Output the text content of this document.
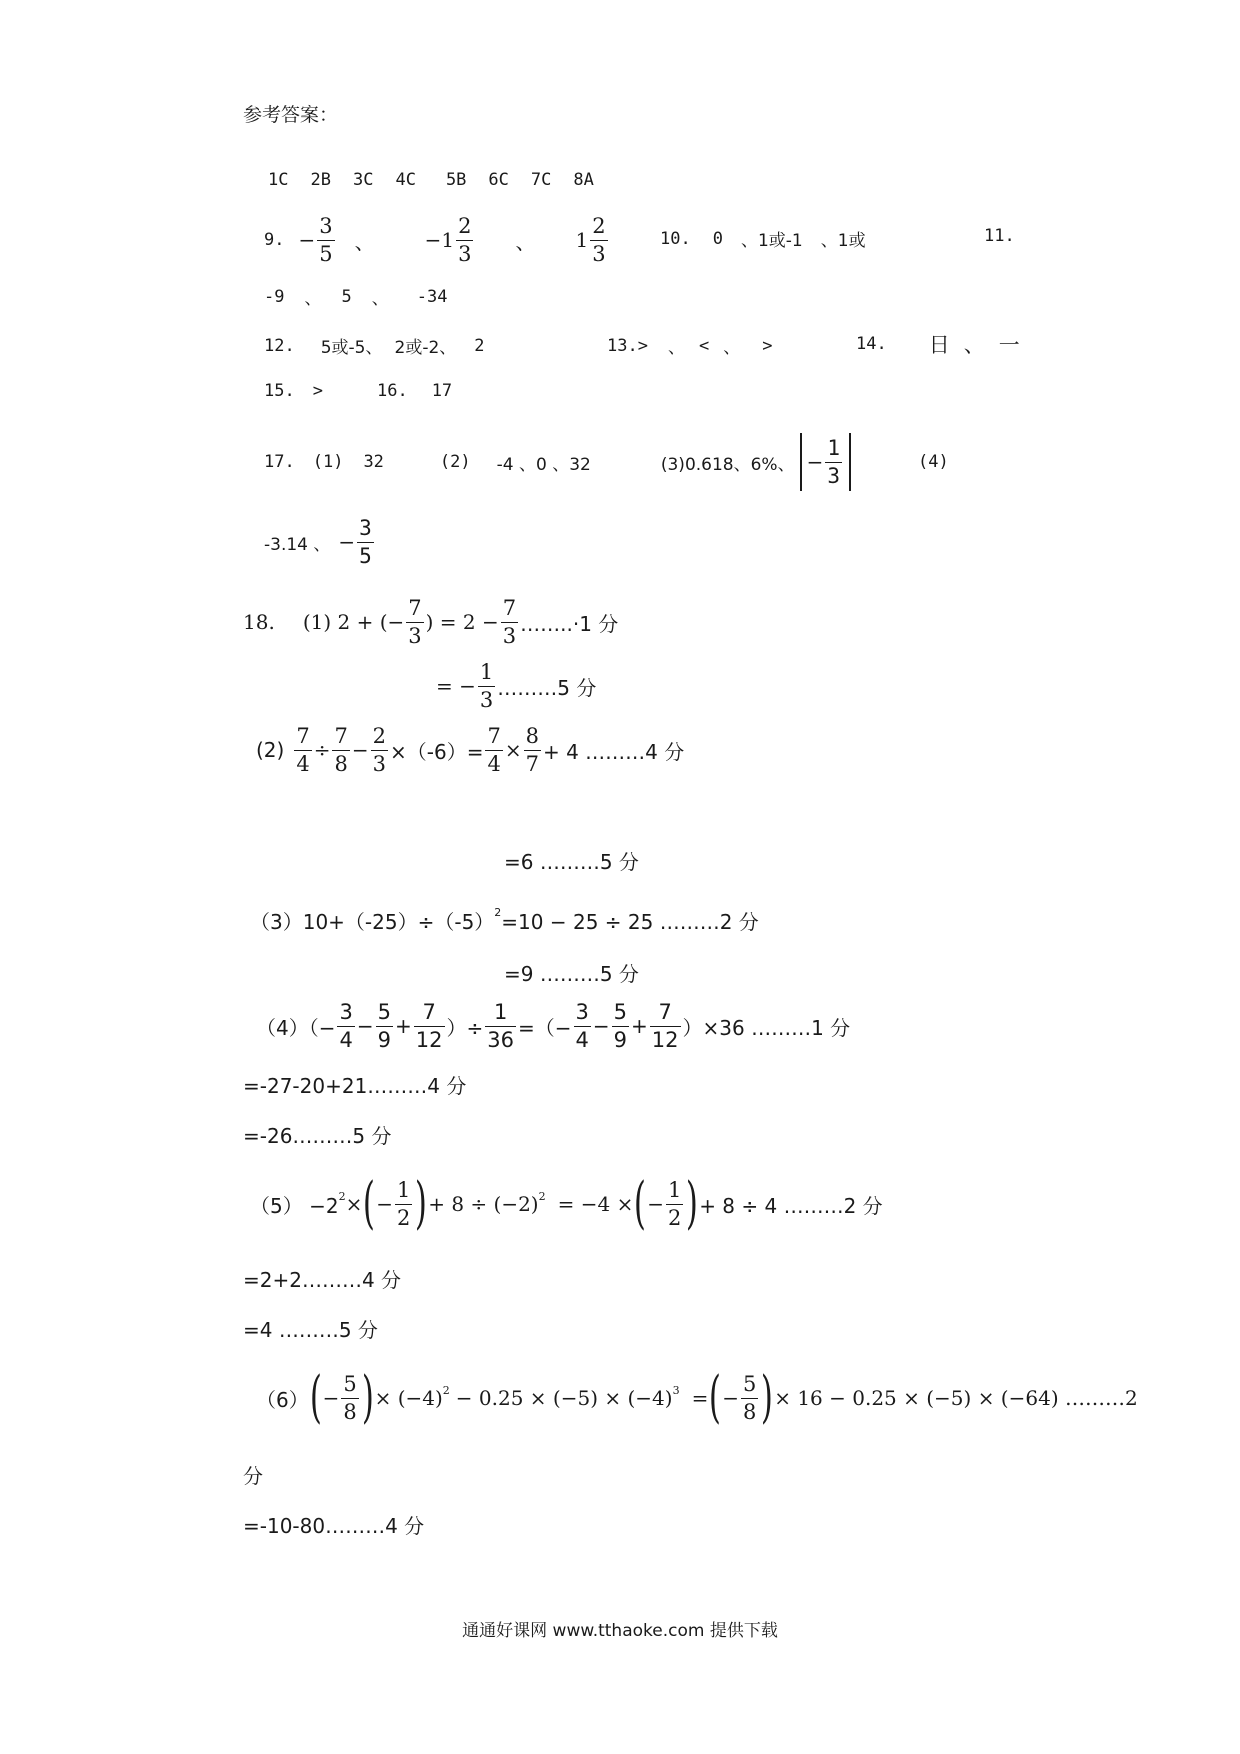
参考答案：
1C 2B 3C 4C 5B 6C 7C 8A
9. − $\frac{3}{5}$ 、	−1
2
3 、 1
2
3
10. 0 、1或-1 、1或	11.
-9 、 5 、 -34
12. 5或-5、 2或-2、 2	13. > 、 < 、 >	14. 日 、 一
15. >	16. 17
17. (1) 32	(2) -4 、0 、32	(3)0.618、6%、 − $\frac{1}{3}$	(4)
-3.14 、 − $\frac{3}{5}$
18. (1) 2 + (− $\frac{7}{3}$ ) = $2 - \frac{7}{3}$ ……..·1 分
= − $\frac{1}{3}$ ………5 分
$(2) \frac{7}{4} \div \frac{7}{8} - \frac{2}{3} \times(-6)= \frac{7}{4} \times \frac{8}{7} + 4$ ………4 分
=6 ………5 分
$(3)10+(-25)\div(-5)^2 =10 - 25 \div 25$ ………2 分
=9 ………5 分
$(4)(- \frac{3}{4} - \frac{5}{9} + \frac{7}{12}$ ）÷ $\frac{1}{36}$ =（− $\frac{3}{4} - \frac{5}{9} + \frac{7}{12} )\times 36$ ………1 分
=-27-20+21………4 分
=-26………5 分
$(5) -2^2$ × ( − $\frac{1}{2}$ ) + $8 \div (-2)^2 = -4$ × ( − $\frac{1}{2}$ ) + 8 ÷ 4 ………2 分
=2+2………4 分
=4 ………5 分
（6） ( − $\frac{5}{8}$ ) × $(-4)^2 - 0.25 \times (-5) \times (-4)^3$ = ( − $\frac{5}{8}$ ) × 16 − 0.25 × (−5) × (−64) ………2
分
=-10-80………4 分
通通好课网 www.tthaoke.com 提供下载
